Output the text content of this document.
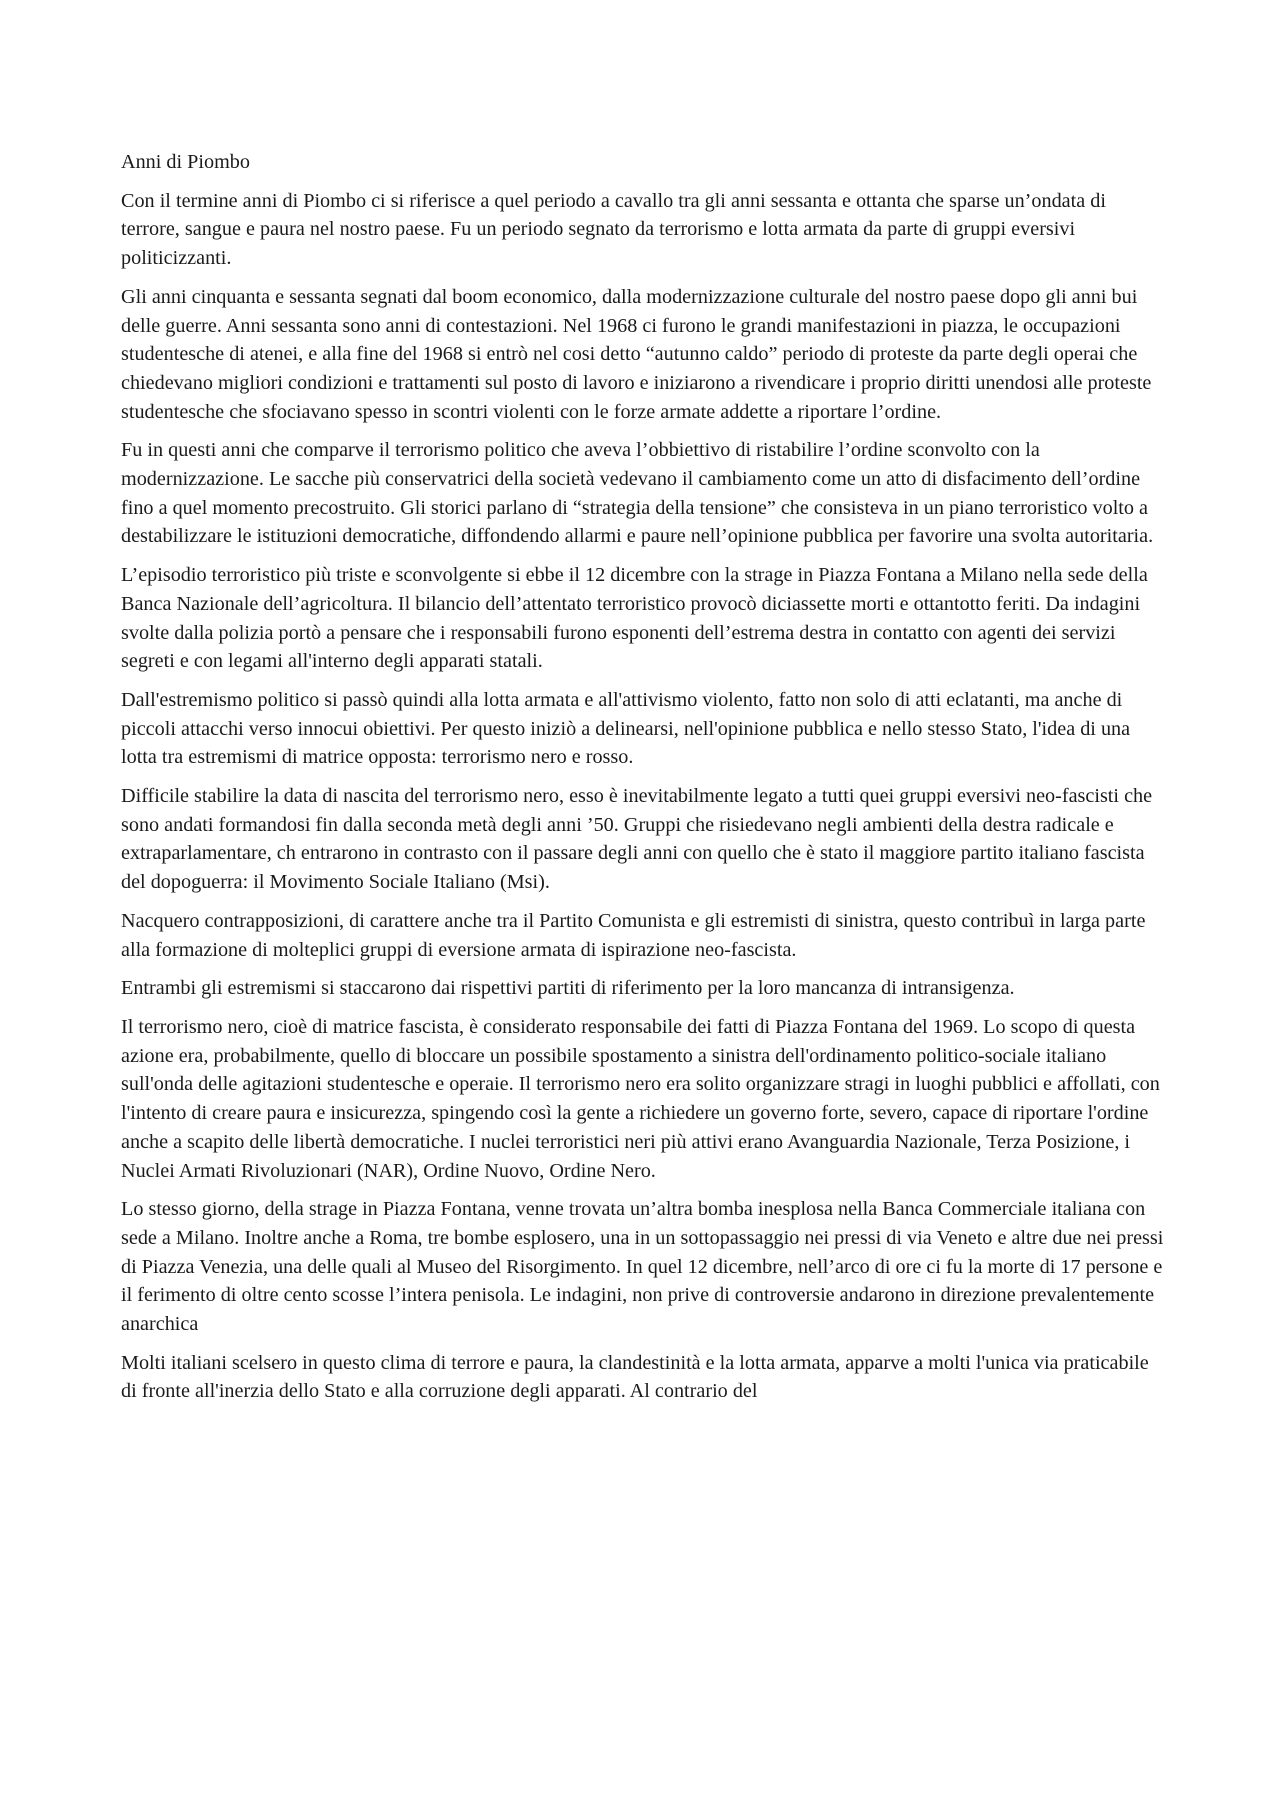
Anni di Piombo

Con il termine anni di Piombo ci si riferisce a quel periodo a cavallo tra gli anni sessanta e ottanta che sparse un’ondata di terrore, sangue e paura nel nostro paese. Fu un periodo segnato da terrorismo e lotta armata da parte di gruppi eversivi politicizzanti.

Gli anni cinquanta e sessanta segnati dal boom economico, dalla modernizzazione culturale del nostro paese dopo gli anni bui delle guerre. Anni sessanta sono anni di contestazioni. Nel 1968 ci furono le grandi manifestazioni in piazza, le occupazioni studentesche di atenei, e alla fine del 1968 si entrò nel cosi detto “autunno caldo” periodo di proteste da parte degli operai che chiedevano migliori condizioni e trattamenti sul posto di lavoro e iniziarono a rivendicare i proprio diritti unendosi alle proteste studentesche che sfociavano spesso in scontri violenti con le forze armate addette a riportare l’ordine.

Fu in questi anni che comparve il terrorismo politico che aveva l’obbiettivo di ristabilire l’ordine sconvolto con la modernizzazione. Le sacche più conservatrici della società vedevano il cambiamento come un atto di disfacimento dell’ordine fino a quel momento precostruito. Gli storici parlano di “strategia della tensione” che consisteva in un piano terroristico volto a destabilizzare le istituzioni democratiche, diffondendo allarmi e paure nell’opinione pubblica per favorire una svolta autoritaria.

L’episodio terroristico più triste e sconvolgente si ebbe il 12 dicembre con la strage in Piazza Fontana a Milano nella sede della Banca Nazionale dell’agricoltura. Il bilancio dell’attentato terroristico provocò diciassette morti e ottantotto feriti. Da indagini svolte dalla polizia portò a pensare che i responsabili furono esponenti dell’estrema destra in contatto con agenti dei servizi segreti e con legami all'interno degli apparati statali.

Dall'estremismo politico si passò quindi alla lotta armata e all'attivismo violento, fatto non solo di atti eclatanti, ma anche di piccoli attacchi verso innocui obiettivi. Per questo iniziò a delinearsi, nell'opinione pubblica e nello stesso Stato, l'idea di una lotta tra estremismi di matrice opposta: terrorismo nero e rosso.

Difficile stabilire la data di nascita del terrorismo nero, esso è inevitabilmente legato a tutti quei gruppi eversivi neo-fascisti che sono andati formandosi fin dalla seconda metà degli anni ’50. Gruppi che risiedevano negli ambienti della destra radicale e extraparlamentare, ch entrarono in contrasto con il passare degli anni con quello che è stato il maggiore partito italiano fascista del dopoguerra: il Movimento Sociale Italiano (Msi).

Nacquero contrapposizioni, di carattere anche tra il Partito Comunista e gli estremisti di sinistra, questo contribuì in larga parte alla formazione di molteplici gruppi di eversione armata di ispirazione neo-fascista.

Entrambi gli estremismi si staccarono dai rispettivi partiti di riferimento per la loro mancanza di intransigenza.

Il terrorismo nero, cioè di matrice fascista, è considerato responsabile dei fatti di Piazza Fontana del 1969. Lo scopo di questa azione era, probabilmente, quello di bloccare un possibile spostamento a sinistra dell'ordinamento politico-sociale italiano sull'onda delle agitazioni studentesche e operaie. Il terrorismo nero era solito organizzare stragi in luoghi pubblici e affollati, con l'intento di creare paura e insicurezza, spingendo così la gente a richiedere un governo forte, severo, capace di riportare l'ordine anche a scapito delle libertà democratiche. I nuclei terroristici neri più attivi erano Avanguardia Nazionale, Terza Posizione, i Nuclei Armati Rivoluzionari (NAR), Ordine Nuovo, Ordine Nero.

Lo stesso giorno, della strage in Piazza Fontana, venne trovata un’altra bomba inesplosa nella Banca Commerciale italiana con sede a Milano. Inoltre anche a Roma, tre bombe esplosero, una in un sottopassaggio nei pressi di via Veneto e altre due nei pressi di Piazza Venezia, una delle quali al Museo del Risorgimento. In quel 12 dicembre, nell’arco di ore ci fu la morte di 17 persone e il ferimento di oltre cento scosse l’intera penisola. Le indagini, non prive di controversie andarono in direzione prevalentemente anarchica

Molti italiani scelsero in questo clima di terrore e paura, la clandestinità e la lotta armata, apparve a molti l'unica via praticabile di fronte all'inerzia dello Stato e alla corruzione degli apparati. Al contrario del
